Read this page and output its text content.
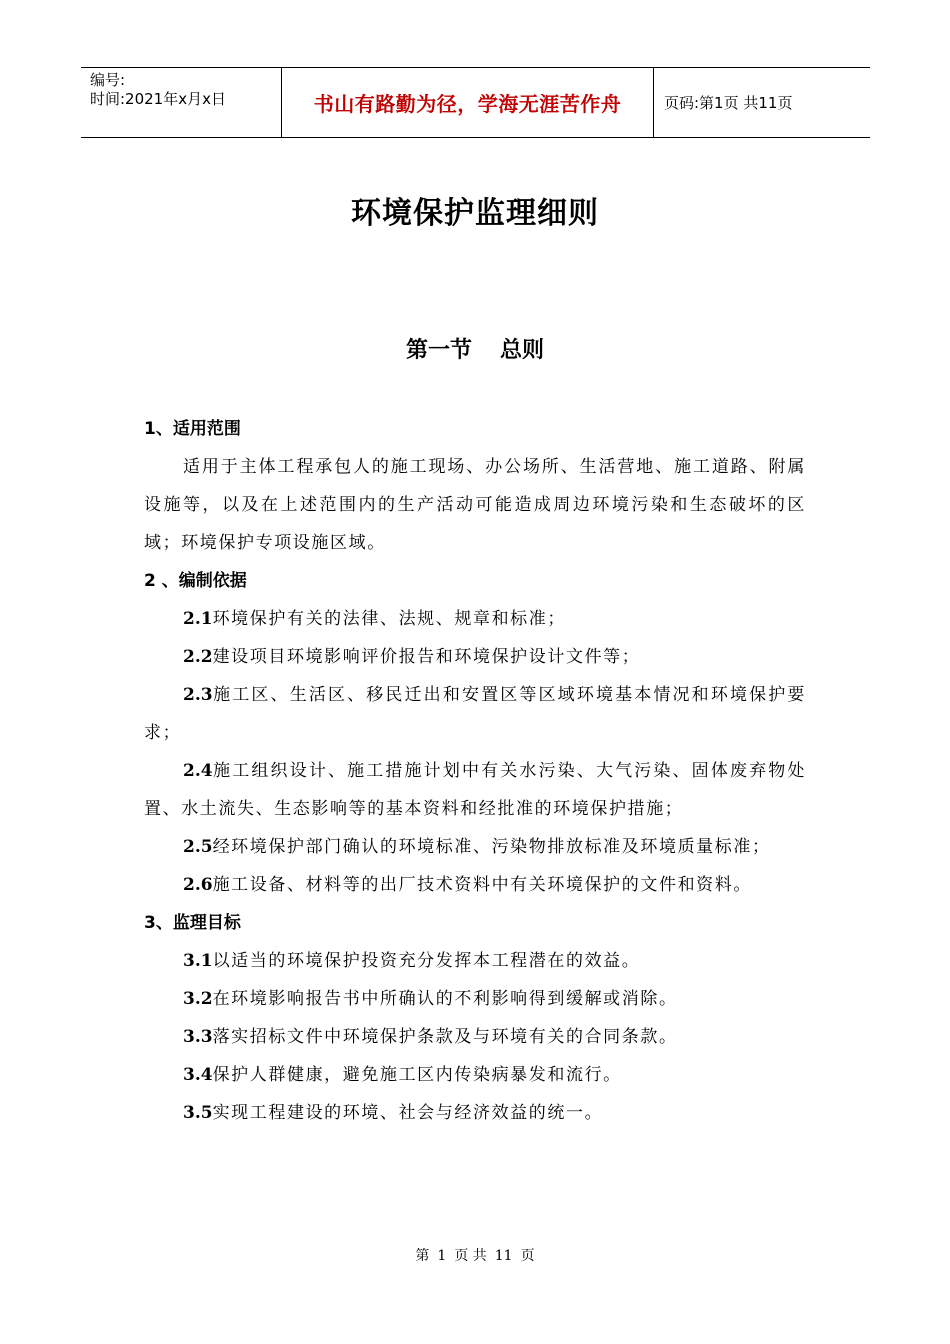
编号:
时间:2021年x月x日	书山有路勤为径，学海无涯苦作舟	页码:第1页 共11页
环境保护监理细则
第一节 总则
1、适用范围

适用于主体工程承包人的施工现场、办公场所、生活营地、施工道路、附属设施等，以及在上述范围内的生产活动可能造成周边环境污染和生态破坏的区域；环境保护专项设施区域。

2 、编制依据

2.1环境保护有关的法律、法规、规章和标准；

2.2建设项目环境影响评价报告和环境保护设计文件等；

2.3施工区、生活区、移民迁出和安置区等区域环境基本情况和环境保护要求；

2.4施工组织设计、施工措施计划中有关水污染、大气污染、固体废弃物处置、水土流失、生态影响等的基本资料和经批准的环境保护措施；

2.5经环境保护部门确认的环境标准、污染物排放标准及环境质量标准；

2.6施工设备、材料等的出厂技术资料中有关环境保护的文件和资料。

3、监理目标

3.1以适当的环境保护投资充分发挥本工程潜在的效益。

3.2在环境影响报告书中所确认的不利影响得到缓解或消除。

3.3落实招标文件中环境保护条款及与环境有关的合同条款。

3.4保护人群健康，避免施工区内传染病暴发和流行。

3.5实现工程建设的环境、社会与经济效益的统一。

第 1 页 共 11 页
